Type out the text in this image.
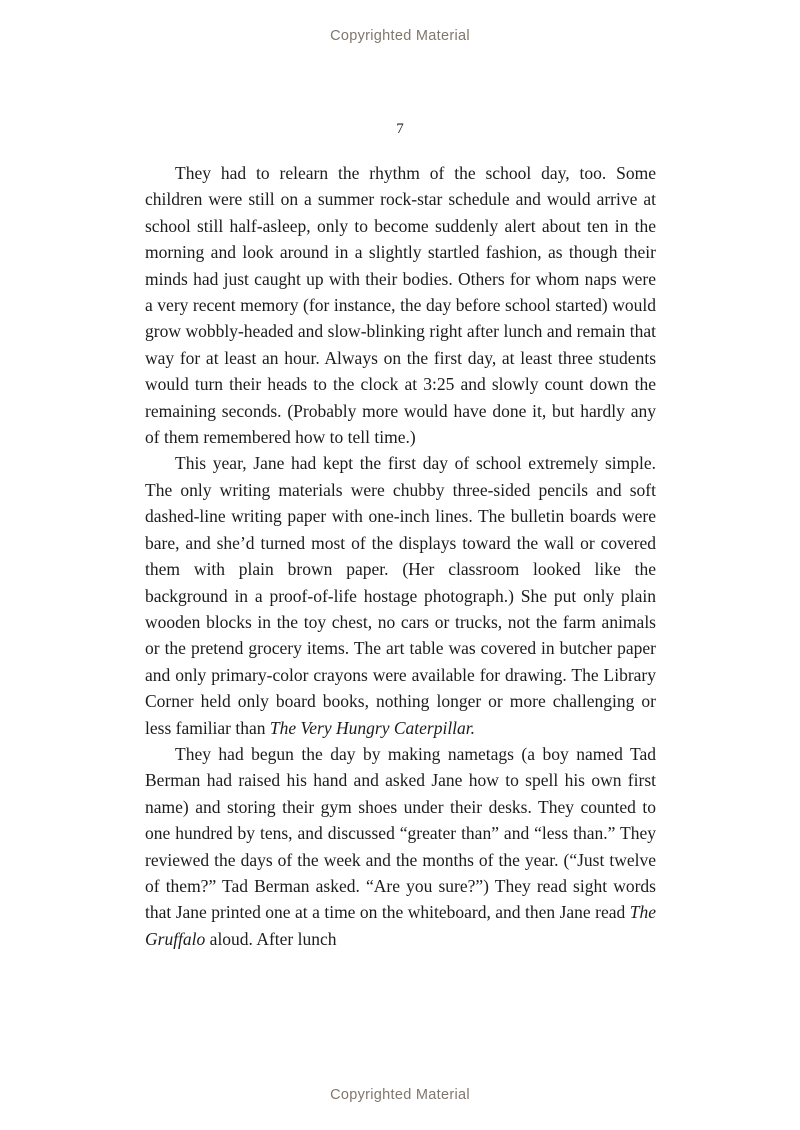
Copyrighted Material
7

They had to relearn the rhythm of the school day, too. Some children were still on a summer rock-star schedule and would arrive at school still half-asleep, only to become suddenly alert about ten in the morning and look around in a slightly startled fashion, as though their minds had just caught up with their bodies. Others for whom naps were a very recent memory (for instance, the day before school started) would grow wobbly-headed and slow-blinking right after lunch and remain that way for at least an hour. Always on the first day, at least three students would turn their heads to the clock at 3:25 and slowly count down the remaining seconds. (Probably more would have done it, but hardly any of them remembered how to tell time.)

This year, Jane had kept the first day of school extremely simple. The only writing materials were chubby three-sided pencils and soft dashed-line writing paper with one-inch lines. The bulletin boards were bare, and she’d turned most of the displays toward the wall or covered them with plain brown paper. (Her classroom looked like the background in a proof-of-life hostage photograph.) She put only plain wooden blocks in the toy chest, no cars or trucks, not the farm animals or the pretend grocery items. The art table was covered in butcher paper and only primary-color crayons were available for drawing. The Library Corner held only board books, nothing longer or more challenging or less familiar than The Very Hungry Caterpillar.

They had begun the day by making nametags (a boy named Tad Berman had raised his hand and asked Jane how to spell his own first name) and storing their gym shoes under their desks. They counted to one hundred by tens, and discussed “greater than” and “less than.” They reviewed the days of the week and the months of the year. (“Just twelve of them?” Tad Berman asked. “Are you sure?”) They read sight words that Jane printed one at a time on the whiteboard, and then Jane read The Gruffalo aloud. After lunch

Copyrighted Material
